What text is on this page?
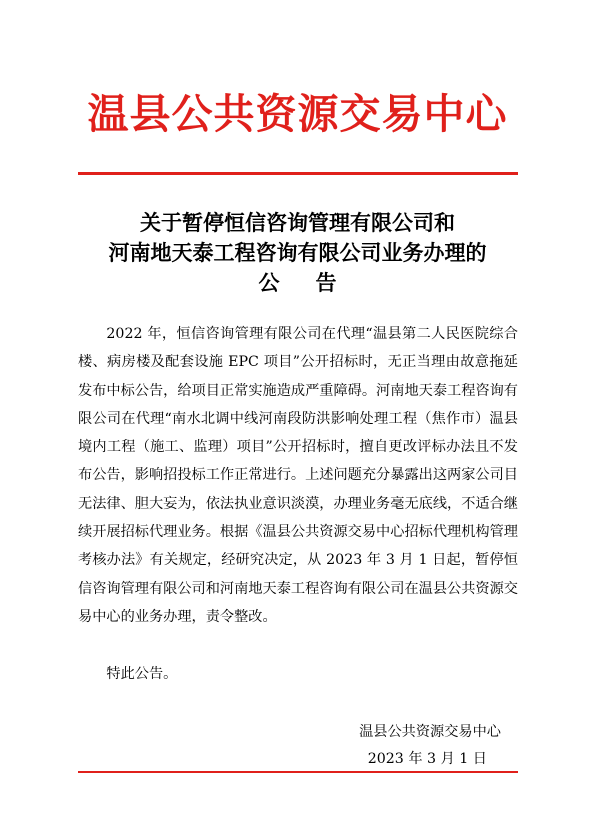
温县公共资源交易中心
关于暂停恒信咨询管理有限公司和
河南地天泰工程咨询有限公司业务办理的
公告

2022 年，恒信咨询管理有限公司在代理“温县第二人民医院综合楼、病房楼及配套设施 EPC 项目”公开招标时，无正当理由故意拖延发布中标公告，给项目正常实施造成严重障碍。河南地天泰工程咨询有限公司在代理“南水北调中线河南段防洪影响处理工程（焦作市）温县境内工程（施工、监理）项目”公开招标时，擅自更改评标办法且不发布公告，影响招投标工作正常进行。上述问题充分暴露出这两家公司目无法律、胆大妄为，依法执业意识淡漠，办理业务毫无底线，不适合继续开展招标代理业务。根据《温县公共资源交易中心招标代理机构管理考核办法》有关规定，经研究决定，从 2023 年 3 月 1 日起，暂停恒信咨询管理有限公司和河南地天泰工程咨询有限公司在温县公共资源交易中心的业务办理，责令整改。

特此公告。
温县公共资源交易中心
2023 年 3 月 1 日
